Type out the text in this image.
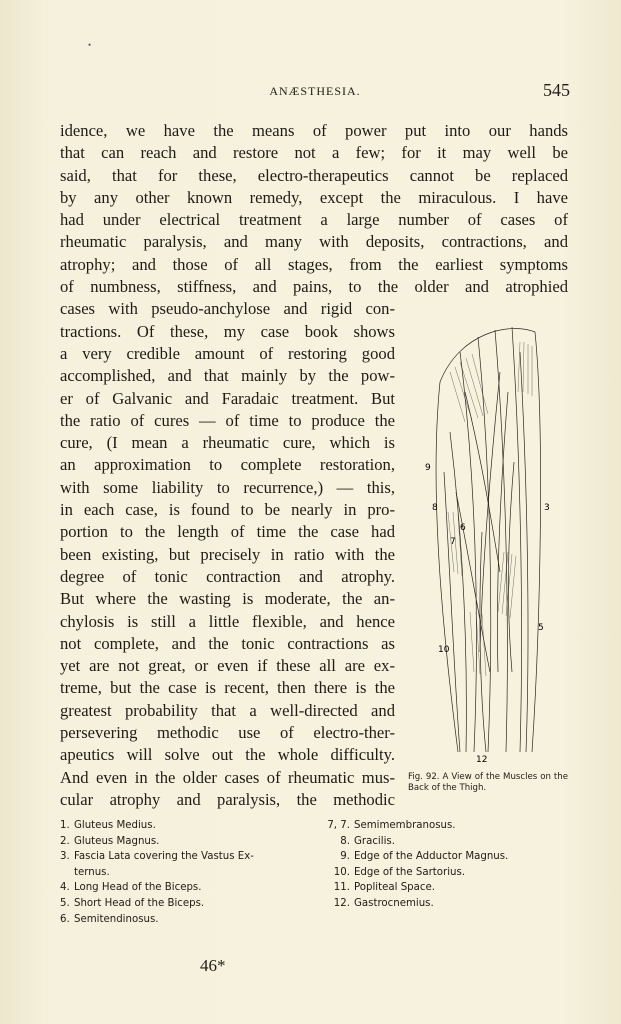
•
ANÆSTHESIA.	545
idence, we have the means of power put into our hands
that can reach and restore not a few; for it may well be
said, that for these, electro-therapeutics cannot be replaced
by any other known remedy, except the miraculous. I have
had under electrical treatment a large number of cases of
rheumatic paralysis, and many with deposits, contractions, and
atrophy; and those of all stages, from the earliest symptoms
of numbness, stiffness, and pains, to the older and atrophied
cases with pseudo-anchylose and rigid con-
tractions. Of these, my case book shows
a very credible amount of restoring good
accomplished, and that mainly by the pow-
er of Galvanic and Faradaic treatment. But
the ratio of cures — of time to produce the
cure, (I mean a rheumatic cure, which is
an approximation to complete restoration,
with some liability to recurrence,) — this,
in each case, is found to be nearly in pro-
portion to the length of time the case had
been existing, but precisely in ratio with the
degree of tonic contraction and atrophy.
But where the wasting is moderate, the an-
chylosis is still a little flexible, and hence
not complete, and the tonic contractions as
yet are not great, or even if these all are ex-
treme, but the case is recent, then there is the
greatest probability that a well-directed and
persevering methodic use of electro-ther-
apeutics will solve out the whole difficulty.
And even in the older cases of rheumatic mus-
cular atrophy and paralysis, the methodic
9
8	3
6
5
10
7
12
Fig. 92. A View of the Muscles on the Back of the Thigh.
1. Gluteus Medius.
2. Gluteus Magnus.
3. Fascia Lata covering the Vastus Ex-
ternus.
4. Long Head of the Biceps.
5. Short Head of the Biceps.
6. Semitendinosus.
7, 7. Semimembranosus.
8. Gracilis.
9. Edge of the Adductor Magnus.
10. Edge of the Sartorius.
11. Popliteal Space.
12. Gastrocnemius.
46*
